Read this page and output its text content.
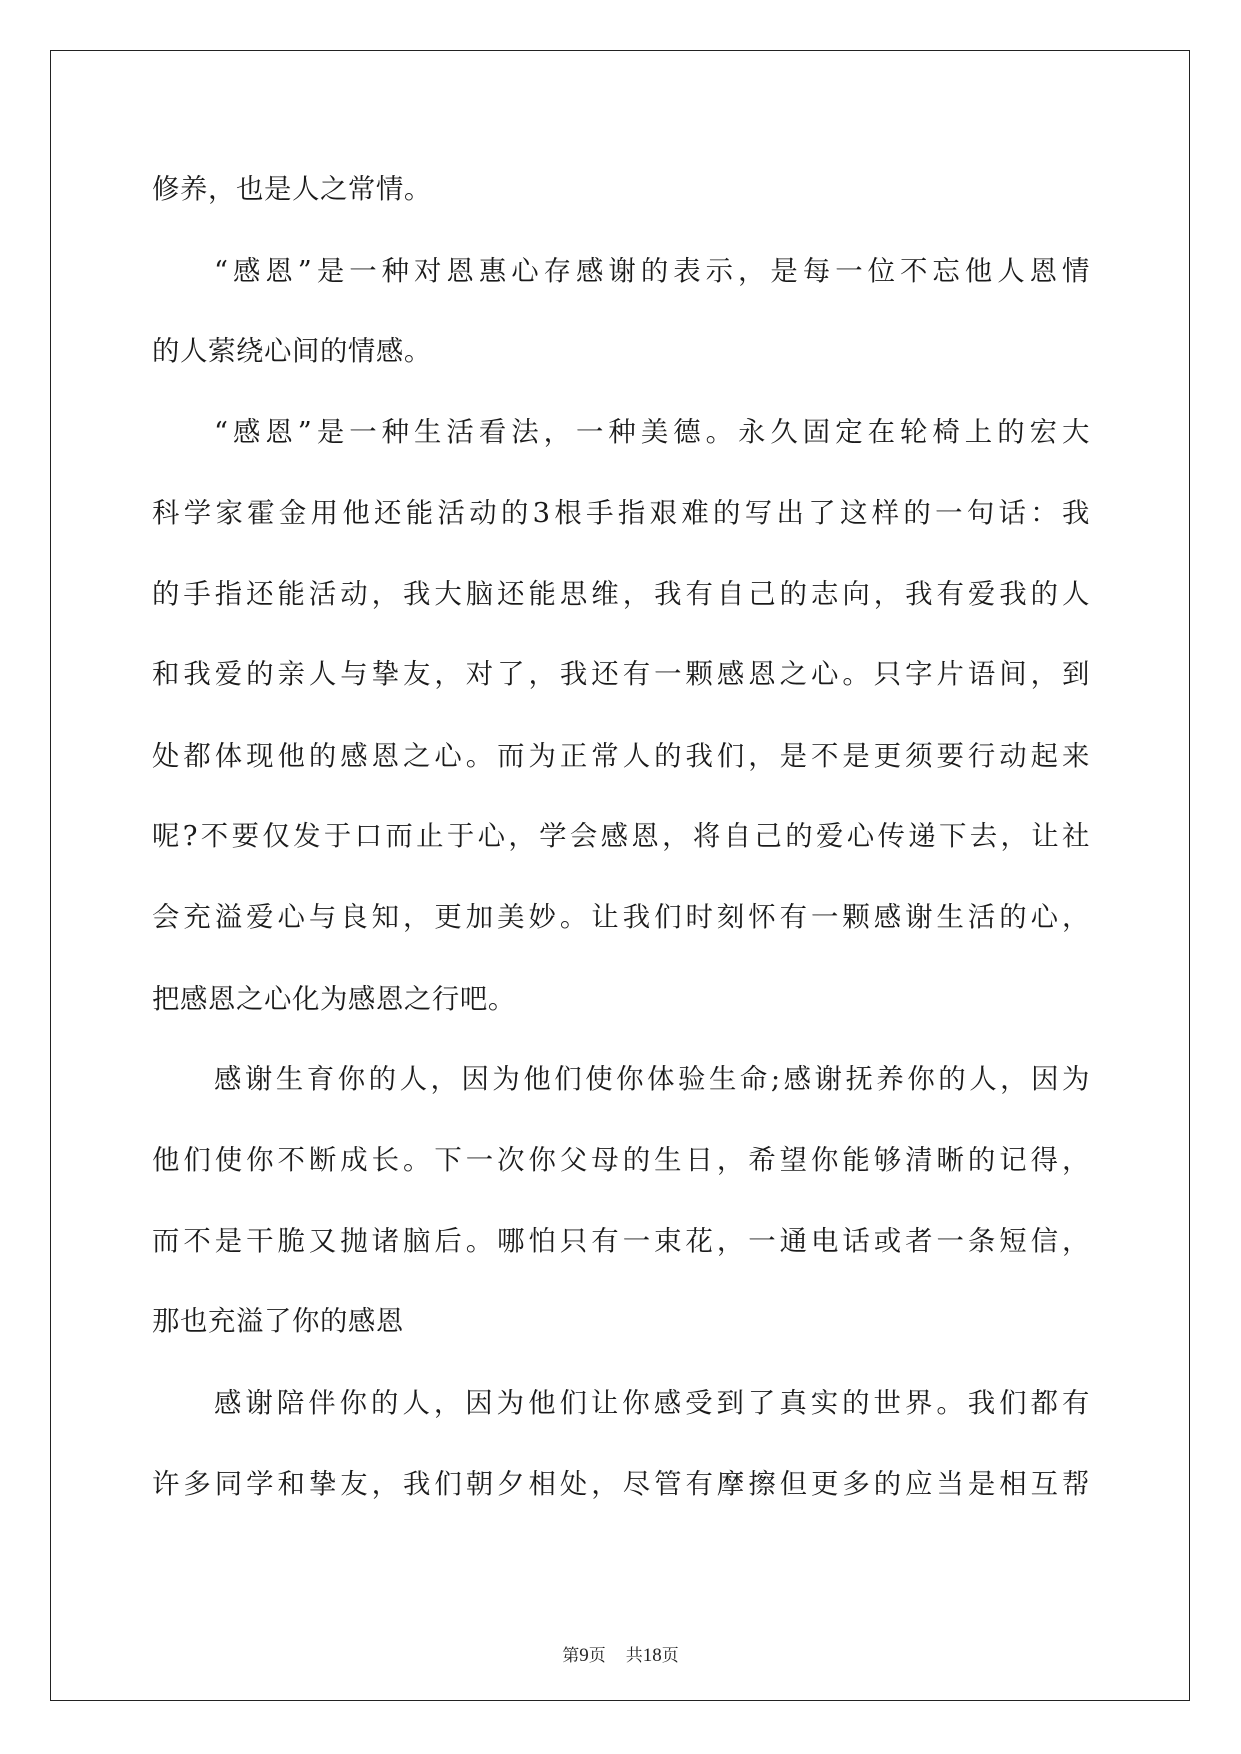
修养，也是人之常情。
“感恩”是一种对恩惠心存感谢的表示，是每一位不忘他人恩情
的人萦绕心间的情感。
“感恩”是一种生活看法，一种美德。永久固定在轮椅上的宏大
科学家霍金用他还能活动的3根手指艰难的写出了这样的一句话：我
的手指还能活动，我大脑还能思维，我有自己的志向，我有爱我的人
和我爱的亲人与挚友，对了，我还有一颗感恩之心。只字片语间，到
处都体现他的感恩之心。而为正常人的我们，是不是更须要行动起来
呢?不要仅发于口而止于心，学会感恩，将自己的爱心传递下去，让社
会充溢爱心与良知，更加美妙。让我们时刻怀有一颗感谢生活的心，
把感恩之心化为感恩之行吧。
感谢生育你的人，因为他们使你体验生命;感谢抚养你的人，因为
他们使你不断成长。下一次你父母的生日，希望你能够清晰的记得，
而不是干脆又抛诸脑后。哪怕只有一束花，一通电话或者一条短信，
那也充溢了你的感恩
感谢陪伴你的人，因为他们让你感受到了真实的世界。我们都有
许多同学和挚友，我们朝夕相处，尽管有摩擦但更多的应当是相互帮
第9页 共18页
